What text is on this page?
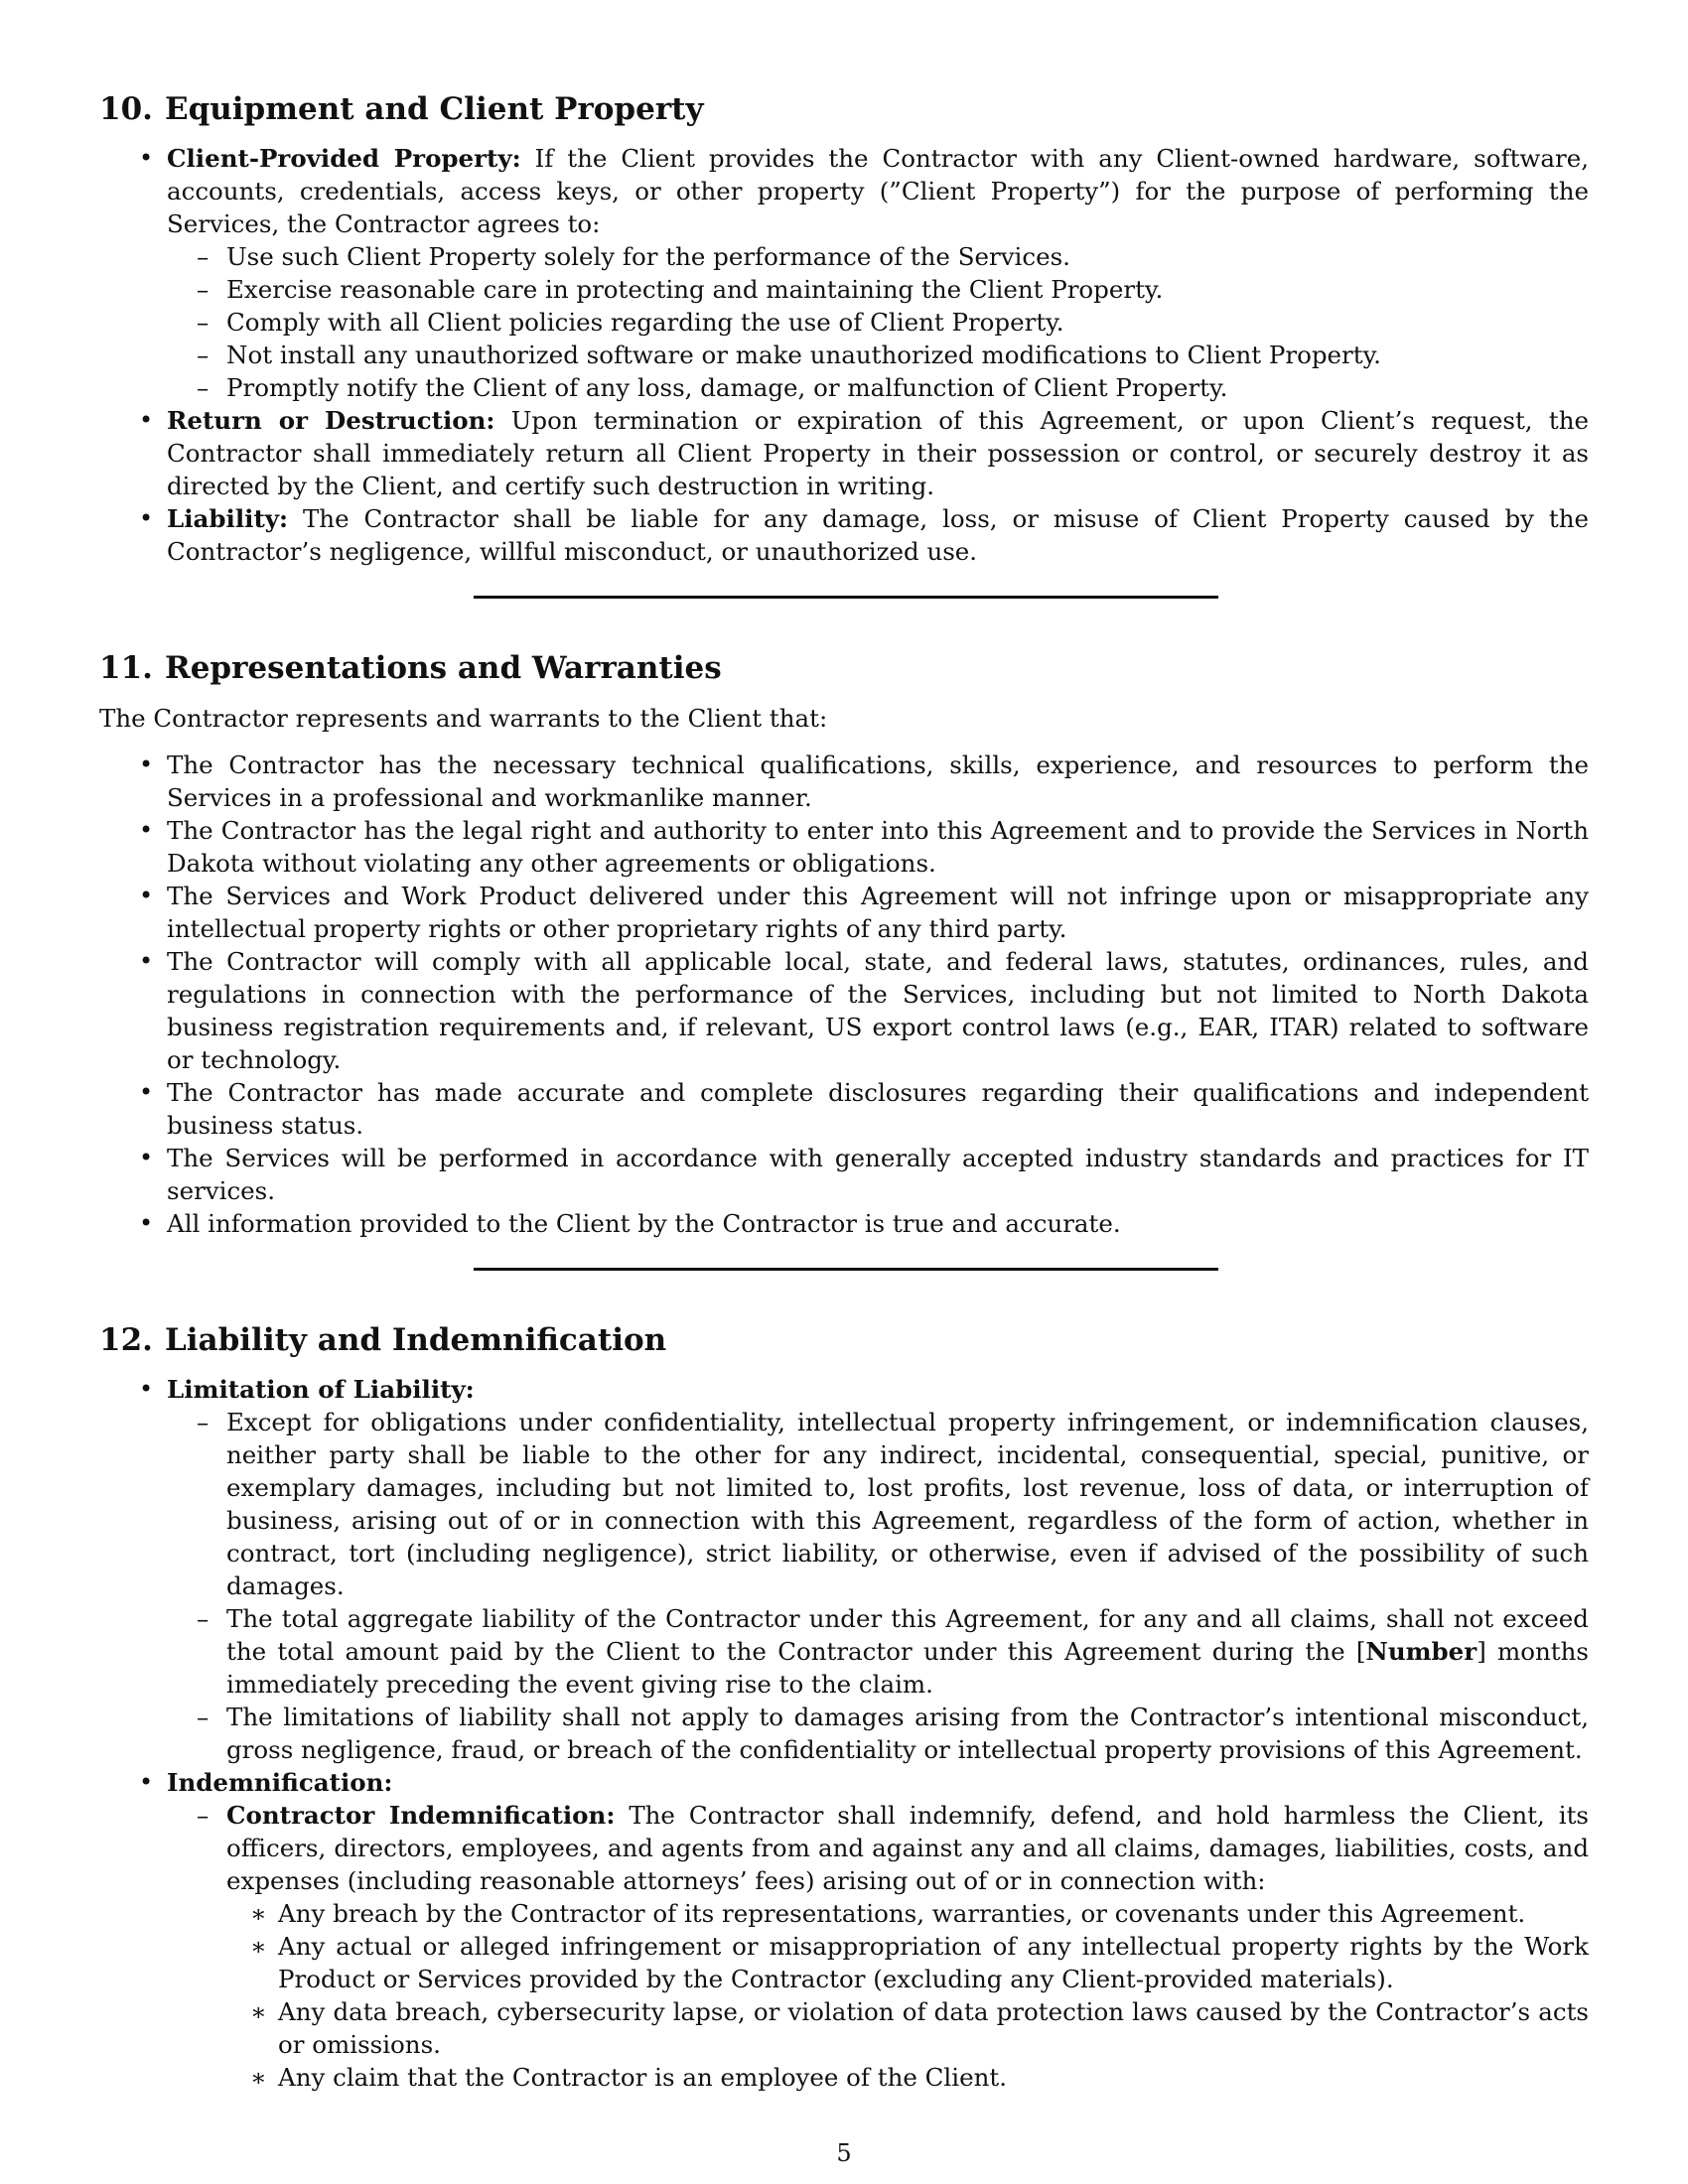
10. Equipment and Client Property
• Client-Provided Property: If the Client provides the Contractor with any Client-owned hardware, software, accounts, credentials, access keys, or other property (”Client Property”) for the purpose of performing the Services, the Contractor agrees to:
– Use such Client Property solely for the performance of the Services.
– Exercise reasonable care in protecting and maintaining the Client Property.
– Comply with all Client policies regarding the use of Client Property.
– Not install any unauthorized software or make unauthorized modifications to Client Property.
– Promptly notify the Client of any loss, damage, or malfunction of Client Property.
• Return or Destruction: Upon termination or expiration of this Agreement, or upon Client’s request, the Contractor shall immediately return all Client Property in their possession or control, or securely destroy it as directed by the Client, and certify such destruction in writing.
• Liability: The Contractor shall be liable for any damage, loss, or misuse of Client Property caused by the Contractor’s negligence, willful misconduct, or unauthorized use.
11. Representations and Warranties

The Contractor represents and warrants to the Client that:

• The Contractor has the necessary technical qualifications, skills, experience, and resources to perform the Services in a professional and workmanlike manner.
• The Contractor has the legal right and authority to enter into this Agreement and to provide the Services in North Dakota without violating any other agreements or obligations.
• The Services and Work Product delivered under this Agreement will not infringe upon or misappropriate any intellectual property rights or other proprietary rights of any third party.
• The Contractor will comply with all applicable local, state, and federal laws, statutes, ordinances, rules, and regulations in connection with the performance of the Services, including but not limited to North Dakota business registration requirements and, if relevant, US export control laws (e.g., EAR, ITAR) related to software or technology.
• The Contractor has made accurate and complete disclosures regarding their qualifications and independent business status.
• The Services will be performed in accordance with generally accepted industry standards and practices for IT services.
• All information provided to the Client by the Contractor is true and accurate.
12. Liability and Indemnification
• Limitation of Liability:
– Except for obligations under confidentiality, intellectual property infringement, or indemnification clauses, neither party shall be liable to the other for any indirect, incidental, consequential, special, punitive, or exemplary damages, including but not limited to, lost profits, lost revenue, loss of data, or interruption of business, arising out of or in connection with this Agreement, regardless of the form of action, whether in contract, tort (including negligence), strict liability, or otherwise, even if advised of the possibility of such damages.
– The total aggregate liability of the Contractor under this Agreement, for any and all claims, shall not exceed the total amount paid by the Client to the Contractor under this Agreement during the [Number] months immediately preceding the event giving rise to the claim.
– The limitations of liability shall not apply to damages arising from the Contractor’s intentional misconduct, gross negligence, fraud, or breach of the confidentiality or intellectual property provisions of this Agreement.
• Indemnification:
– Contractor Indemnification: The Contractor shall indemnify, defend, and hold harmless the Client, its officers, directors, employees, and agents from and against any and all claims, damages, liabilities, costs, and expenses (including reasonable attorneys’ fees) arising out of or in connection with:
∗ Any breach by the Contractor of its representations, warranties, or covenants under this Agreement.
∗ Any actual or alleged infringement or misappropriation of any intellectual property rights by the Work Product or Services provided by the Contractor (excluding any Client-provided materials).
∗ Any data breach, cybersecurity lapse, or violation of data protection laws caused by the Contractor’s acts or omissions.
∗ Any claim that the Contractor is an employee of the Client.
5
